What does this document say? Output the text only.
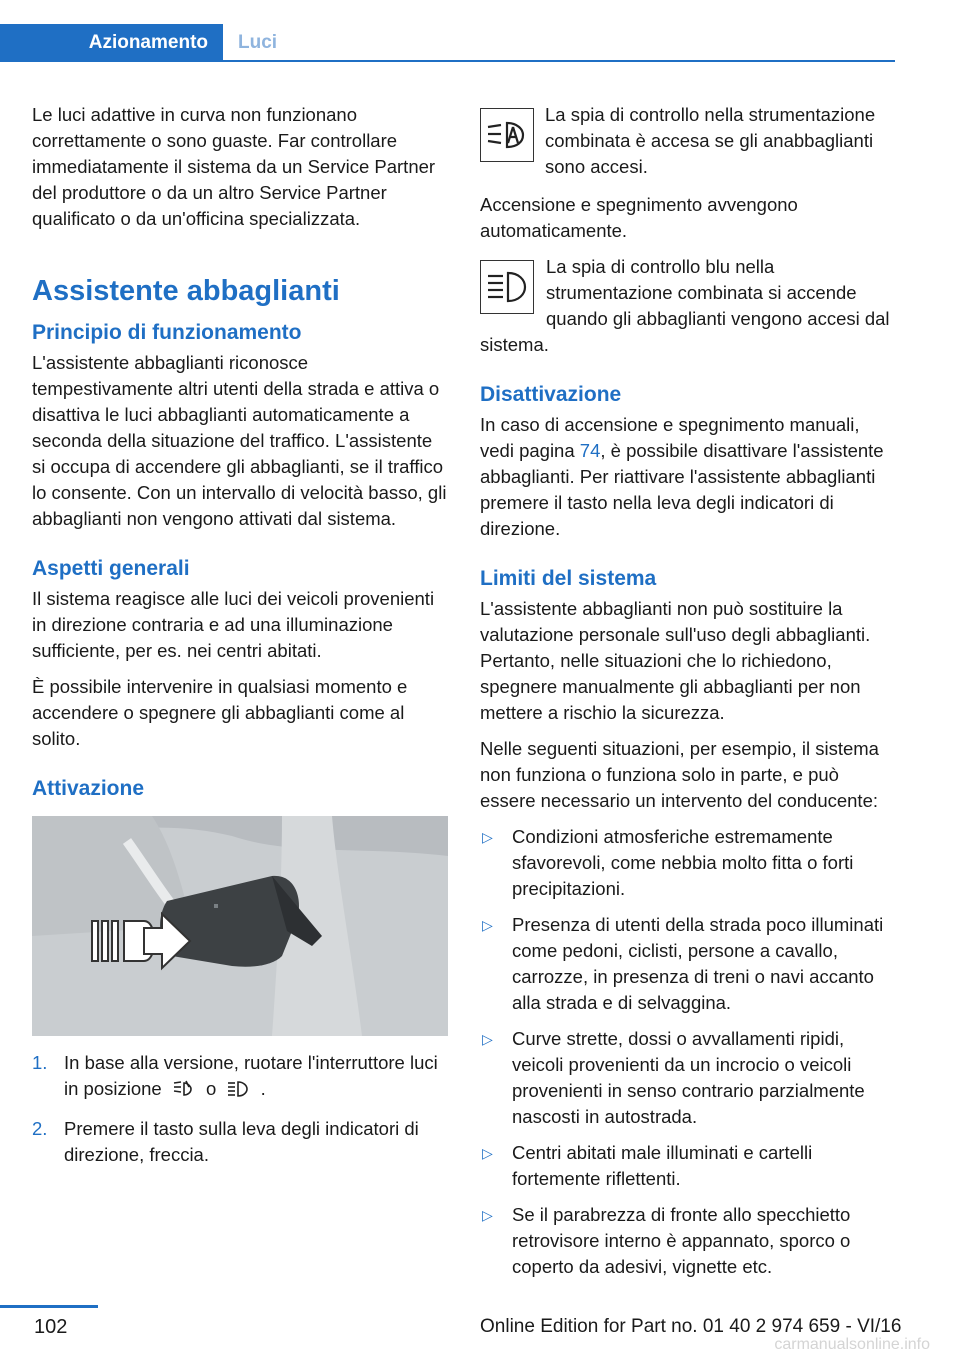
Azionamento	Luci

Le luci adattive in curva non funzionano correttamente o sono guaste. Far controllare immediatamente il sistema da un Service Partner del produttore o da un altro Service Partner qualificato o da un'officina specializzata.

Assistente abbaglianti
Principio di funzionamento

L'assistente abbaglianti riconosce tempestivamente altri utenti della strada e attiva o disattiva le luci abbaglianti automaticamente a seconda della situazione del traffico. L'assistente si occupa di accendere gli abbaglianti, se il traffico lo consente. Con un intervallo di velocità basso, gli abbaglianti non vengono attivati dal sistema.

Aspetti generali

Il sistema reagisce alle luci dei veicoli provenienti in direzione contraria e ad una illuminazione sufficiente, per es. nei centri abitati.

È possibile intervenire in qualsiasi momento e accendere o spegnere gli abbaglianti come al solito.

Attivazione
1. In base alla versione, ruotare l'interruttore luci in posizione o .
2. Premere il tasto sulla leva degli indicatori di direzione, freccia.

La spia di controllo nella strumentazione combinata è accesa se gli anabbaglianti sono accesi.

Accensione e spegnimento avvengono automaticamente.

La spia di controllo blu nella strumentazione combinata si accende quando gli abbaglianti vengono accesi dal sistema.
Disattivazione

In caso di accensione e spegnimento manuali, vedi pagina 74, è possibile disattivare l'assistente abbaglianti. Per riattivare l'assistente abbaglianti premere il tasto nella leva degli indicatori di direzione.

Limiti del sistema

L'assistente abbaglianti non può sostituire la valutazione personale sull'uso degli abbaglianti. Pertanto, nelle situazioni che lo richiedono, spegnere manualmente gli abbaglianti per non mettere a rischio la sicurezza.

Nelle seguenti situazioni, per esempio, il sistema non funziona o funziona solo in parte, e può essere necessario un intervento del conducente:

▷ Condizioni atmosferiche estremamente sfavorevoli, come nebbia molto fitta o forti precipitazioni.
▷ Presenza di utenti della strada poco illuminati come pedoni, ciclisti, persone a cavallo, carrozze, in presenza di treni o navi accanto alla strada e di selvaggina.
▷ Curve strette, dossi o avvallamenti ripidi, veicoli provenienti da un incrocio o veicoli provenienti in senso contrario parzialmente nascosti in autostrada.
▷ Centri abitati male illuminati e cartelli fortemente riflettenti.
▷ Se il parabrezza di fronte allo specchietto retrovisore interno è appannato, sporco o coperto da adesivi, vignette etc.
102	Online Edition for Part no. 01 40 2 974 659 - VI/16
carmanualsonline.info
